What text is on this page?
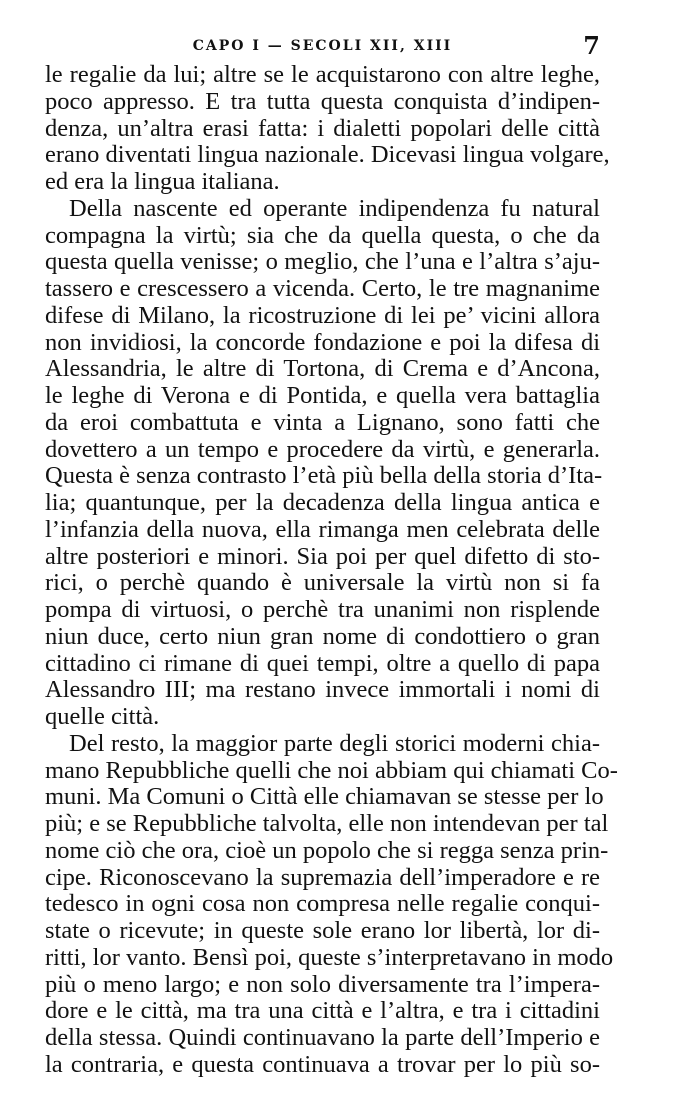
CAPO I — SECOLI XII, XIII	7
le regalie da lui; altre se le acquistarono con altre leghe,
poco appresso. E tra tutta questa conquista d’indipen-
denza, un’altra erasi fatta: i dialetti popolari delle città
erano diventati lingua nazionale. Dicevasi lingua volgare,
ed era la lingua italiana.
Della nascente ed operante indipendenza fu natural
compagna la virtù; sia che da quella questa, o che da
questa quella venisse; o meglio, che l’una e l’altra s’aju-
tassero e crescessero a vicenda. Certo, le tre magnanime
difese di Milano, la ricostruzione di lei pe’ vicini allora
non invidiosi, la concorde fondazione e poi la difesa di
Alessandria, le altre di Tortona, di Crema e d’Ancona,
le leghe di Verona e di Pontida, e quella vera battaglia
da eroi combattuta e vinta a Lignano, sono fatti che
dovettero a un tempo e procedere da virtù, e generarla.
Questa è senza contrasto l’età più bella della storia d’Ita-
lia; quantunque, per la decadenza della lingua antica e
l’infanzia della nuova, ella rimanga men celebrata delle
altre posteriori e minori. Sia poi per quel difetto di sto-
rici, o perchè quando è universale la virtù non si fa
pompa di virtuosi, o perchè tra unanimi non risplende
niun duce, certo niun gran nome di condottiero o gran
cittadino ci rimane di quei tempi, oltre a quello di papa
Alessandro III; ma restano invece immortali i nomi di
quelle città.
Del resto, la maggior parte degli storici moderni chia-
mano Repubbliche quelli che noi abbiam qui chiamati Co-
muni. Ma Comuni o Città elle chiamavan se stesse per lo
più; e se Repubbliche talvolta, elle non intendevan per tal
nome ciò che ora, cioè un popolo che si regga senza prin-
cipe. Riconoscevano la supremazia dell’imperadore e re
tedesco in ogni cosa non compresa nelle regalie conqui-
state o ricevute; in queste sole erano lor libertà, lor di-
ritti, lor vanto. Bensì poi, queste s’interpretavano in modo
più o meno largo; e non solo diversamente tra l’impera-
dore e le città, ma tra una città e l’altra, e tra i cittadini
della stessa. Quindi continuavano la parte dell’Imperio e
la contraria, e questa continuava a trovar per lo più so-
